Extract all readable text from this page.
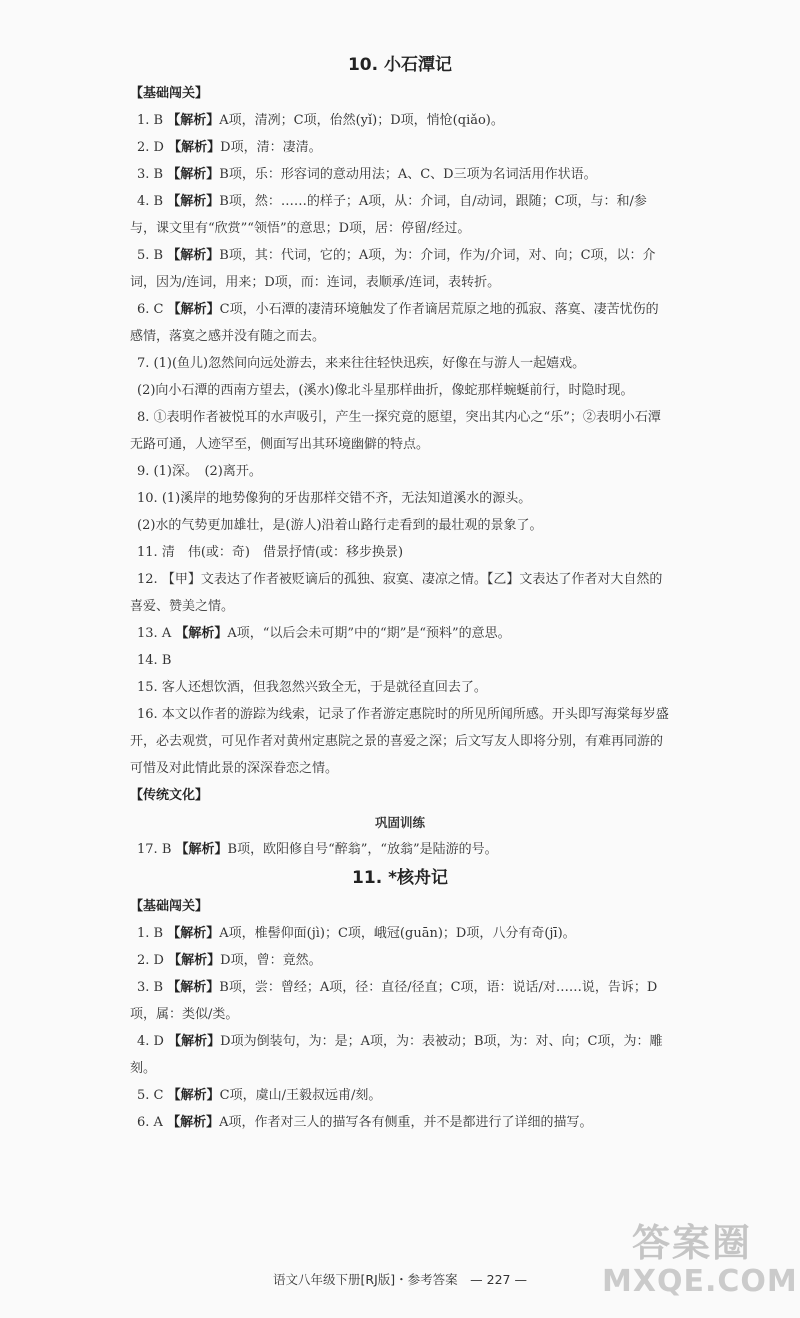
10. 小石潭记
【基础闯关】
1. B 【解析】A项，清冽；C项，佁然(yǐ)；D项，悄怆(qiǎo)。
2. D 【解析】D项，清：凄清。
3. B 【解析】B项，乐：形容词的意动用法；A、C、D三项为名词活用作状语。
4. B 【解析】B项，然：……的样子；A项，从：介词，自/动词，跟随；C项，与：和/参与，课文里有“欣赏”“领悟”的意思；D项，居：停留/经过。
5. B 【解析】B项，其：代词，它的；A项，为：介词，作为/介词，对、向；C项，以：介词，因为/连词，用来；D项，而：连词，表顺承/连词，表转折。
6. C 【解析】C项，小石潭的凄清环境触发了作者谪居荒原之地的孤寂、落寞、凄苦忧伤的感情，落寞之感并没有随之而去。
7. (1)(鱼儿)忽然间向远处游去，来来往往轻快迅疾，好像在与游人一起嬉戏。
(2)向小石潭的西南方望去，(溪水)像北斗星那样曲折，像蛇那样蜿蜒前行，时隐时现。
8. ①表明作者被悦耳的水声吸引，产生一探究竟的愿望，突出其内心之“乐”；②表明小石潭无路可通，人迹罕至，侧面写出其环境幽僻的特点。
9. (1)深。　(2)离开。
10. (1)溪岸的地势像狗的牙齿那样交错不齐，无法知道溪水的源头。
(2)水的气势更加雄壮，是(游人)沿着山路行走看到的最壮观的景象了。
11. 清　伟(或：奇)　借景抒情(或：移步换景)
12. 【甲】文表达了作者被贬谪后的孤独、寂寞、凄凉之情。【乙】文表达了作者对大自然的喜爱、赞美之情。
13. A 【解析】A项，“以后会未可期”中的“期”是“预料”的意思。
14. B
15. 客人还想饮酒，但我忽然兴致全无，于是就径直回去了。
16. 本文以作者的游踪为线索，记录了作者游定惠院时的所见所闻所感。开头即写海棠每岁盛开，必去观赏，可见作者对黄州定惠院之景的喜爱之深；后文写友人即将分别，有难再同游的可惜及对此情此景的深深眷恋之情。
【传统文化】
巩固训练
17. B 【解析】B项，欧阳修自号“醉翁”，“放翁”是陆游的号。
11. *核舟记
【基础闯关】
1. B 【解析】A项，椎髻仰面(jì)；C项，峨冠(guān)；D项，八分有奇(jī)。
2. D 【解析】D项，曾：竟然。
3. B 【解析】B项，尝：曾经；A项，径：直径/径直；C项，语：说话/对……说，告诉；D项，属：类似/类。
4. D 【解析】D项为倒装句，为：是；A项，为：表被动；B项，为：对、向；C项，为：雕刻。
5. C 【解析】C项，虞山/王毅叔远甫/刻。
6. A 【解析】A项，作者对三人的描写各有侧重，并不是都进行了详细的描写。
语文八年级下册[RJ版]・参考答案　— 227 —
答案圈
MXQE.COM
